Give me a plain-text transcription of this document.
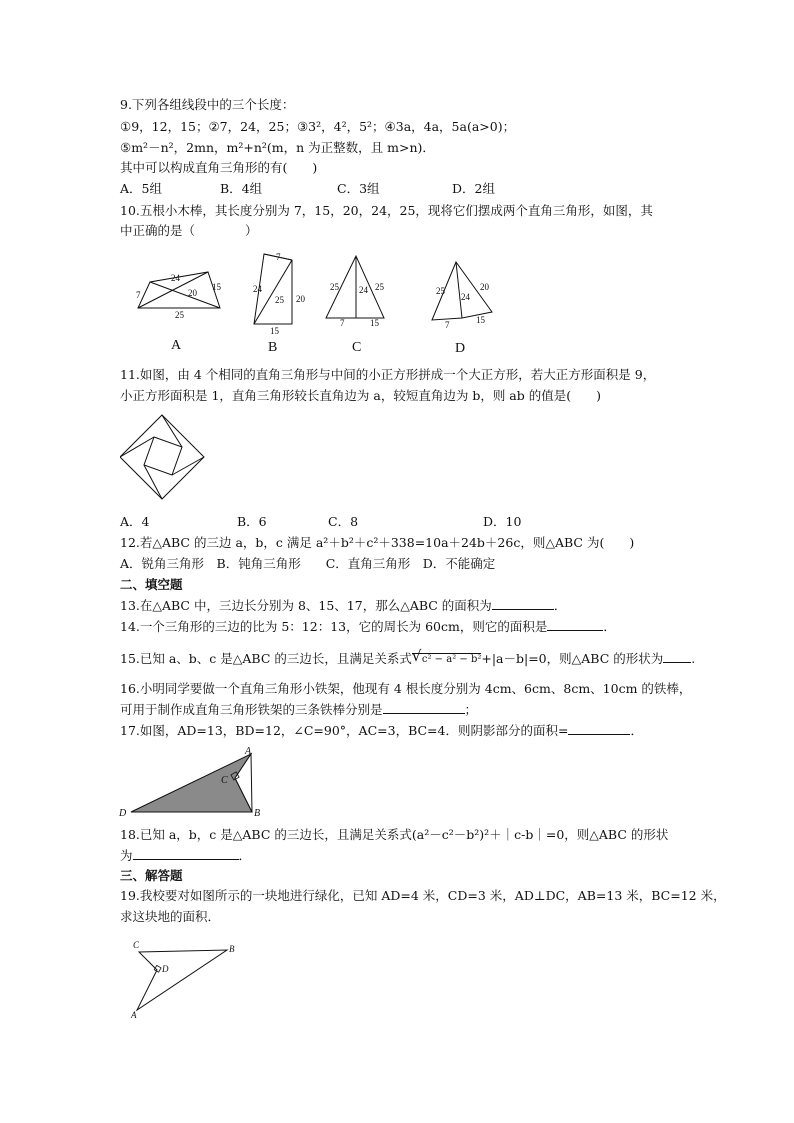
9.下列各组线段中的三个长度：
①9，12，15；②7，24，25；③3²，4²，5²；④3a，4a，5a(a>0)；
⑤m²－n²，2mn，m²+n²(m，n 为正整数，且 m>n)．
其中可以构成直角三角形的有(　　)
A．5组	B．4组	C．3组	D．2组
10.五根小木棒，其长度分别为 7，15，20，24，25，现将它们摆成两个直角三角形，如图，其
中正确的是（　　　　）
7
24
20
15
25
7
24
25 20
15
25 24 25
7	15
25
24
20
7	15
A	B	C	D
11.如图，由 4 个相同的直角三角形与中间的小正方形拼成一个大正方形，若大正方形面积是 9，
小正方形面积是 1，直角三角形较长直角边为 a，较短直角边为 b，则 ab 的值是(　　)
A．4	B．6	C．8	D．10
12.若△ABC 的三边 a，b，c 满足 a²＋b²＋c²＋338=10a＋24b＋26c，则△ABC 为(　　)
A．锐角三角形　B．钝角三角形　　C．直角三角形　D．不能确定
二、填空题
13.在△ABC 中，三边长分别为 8、15、17，那么△ABC 的面积为	．
14.一个三角形的三边的比为 5：12：13，它的周长为 60cm，则它的面积是	．
15.已知 a、b、c 是△ABC 的三边长，且满足关系式 √ c² − a² − b²+|a－b|=0，则△ABC 的形状为 .
16.小明同学要做一个直角三角形小铁架，他现有 4 根长度分别为 4cm、6cm、8cm、10cm 的铁棒，
可用于制作成直角三角形铁架的三条铁棒分别是	；
17.如图，AD=13，BD=12，∠C=90°，AC=3，BC=4．则阴影部分的面积=	．
A
B
C
D
18.已知 a，b，c 是△ABC 的三边长，且满足关系式(a²－c²－b²)²＋｜c-b｜=0，则△ABC 的形状
为	．
三、解答题
19.我校要对如图所示的一块地进行绿化，已知 AD=4 米，CD=3 米，AD⊥DC，AB=13 米，BC=12 米，
求这块地的面积．
C	B
D
A
